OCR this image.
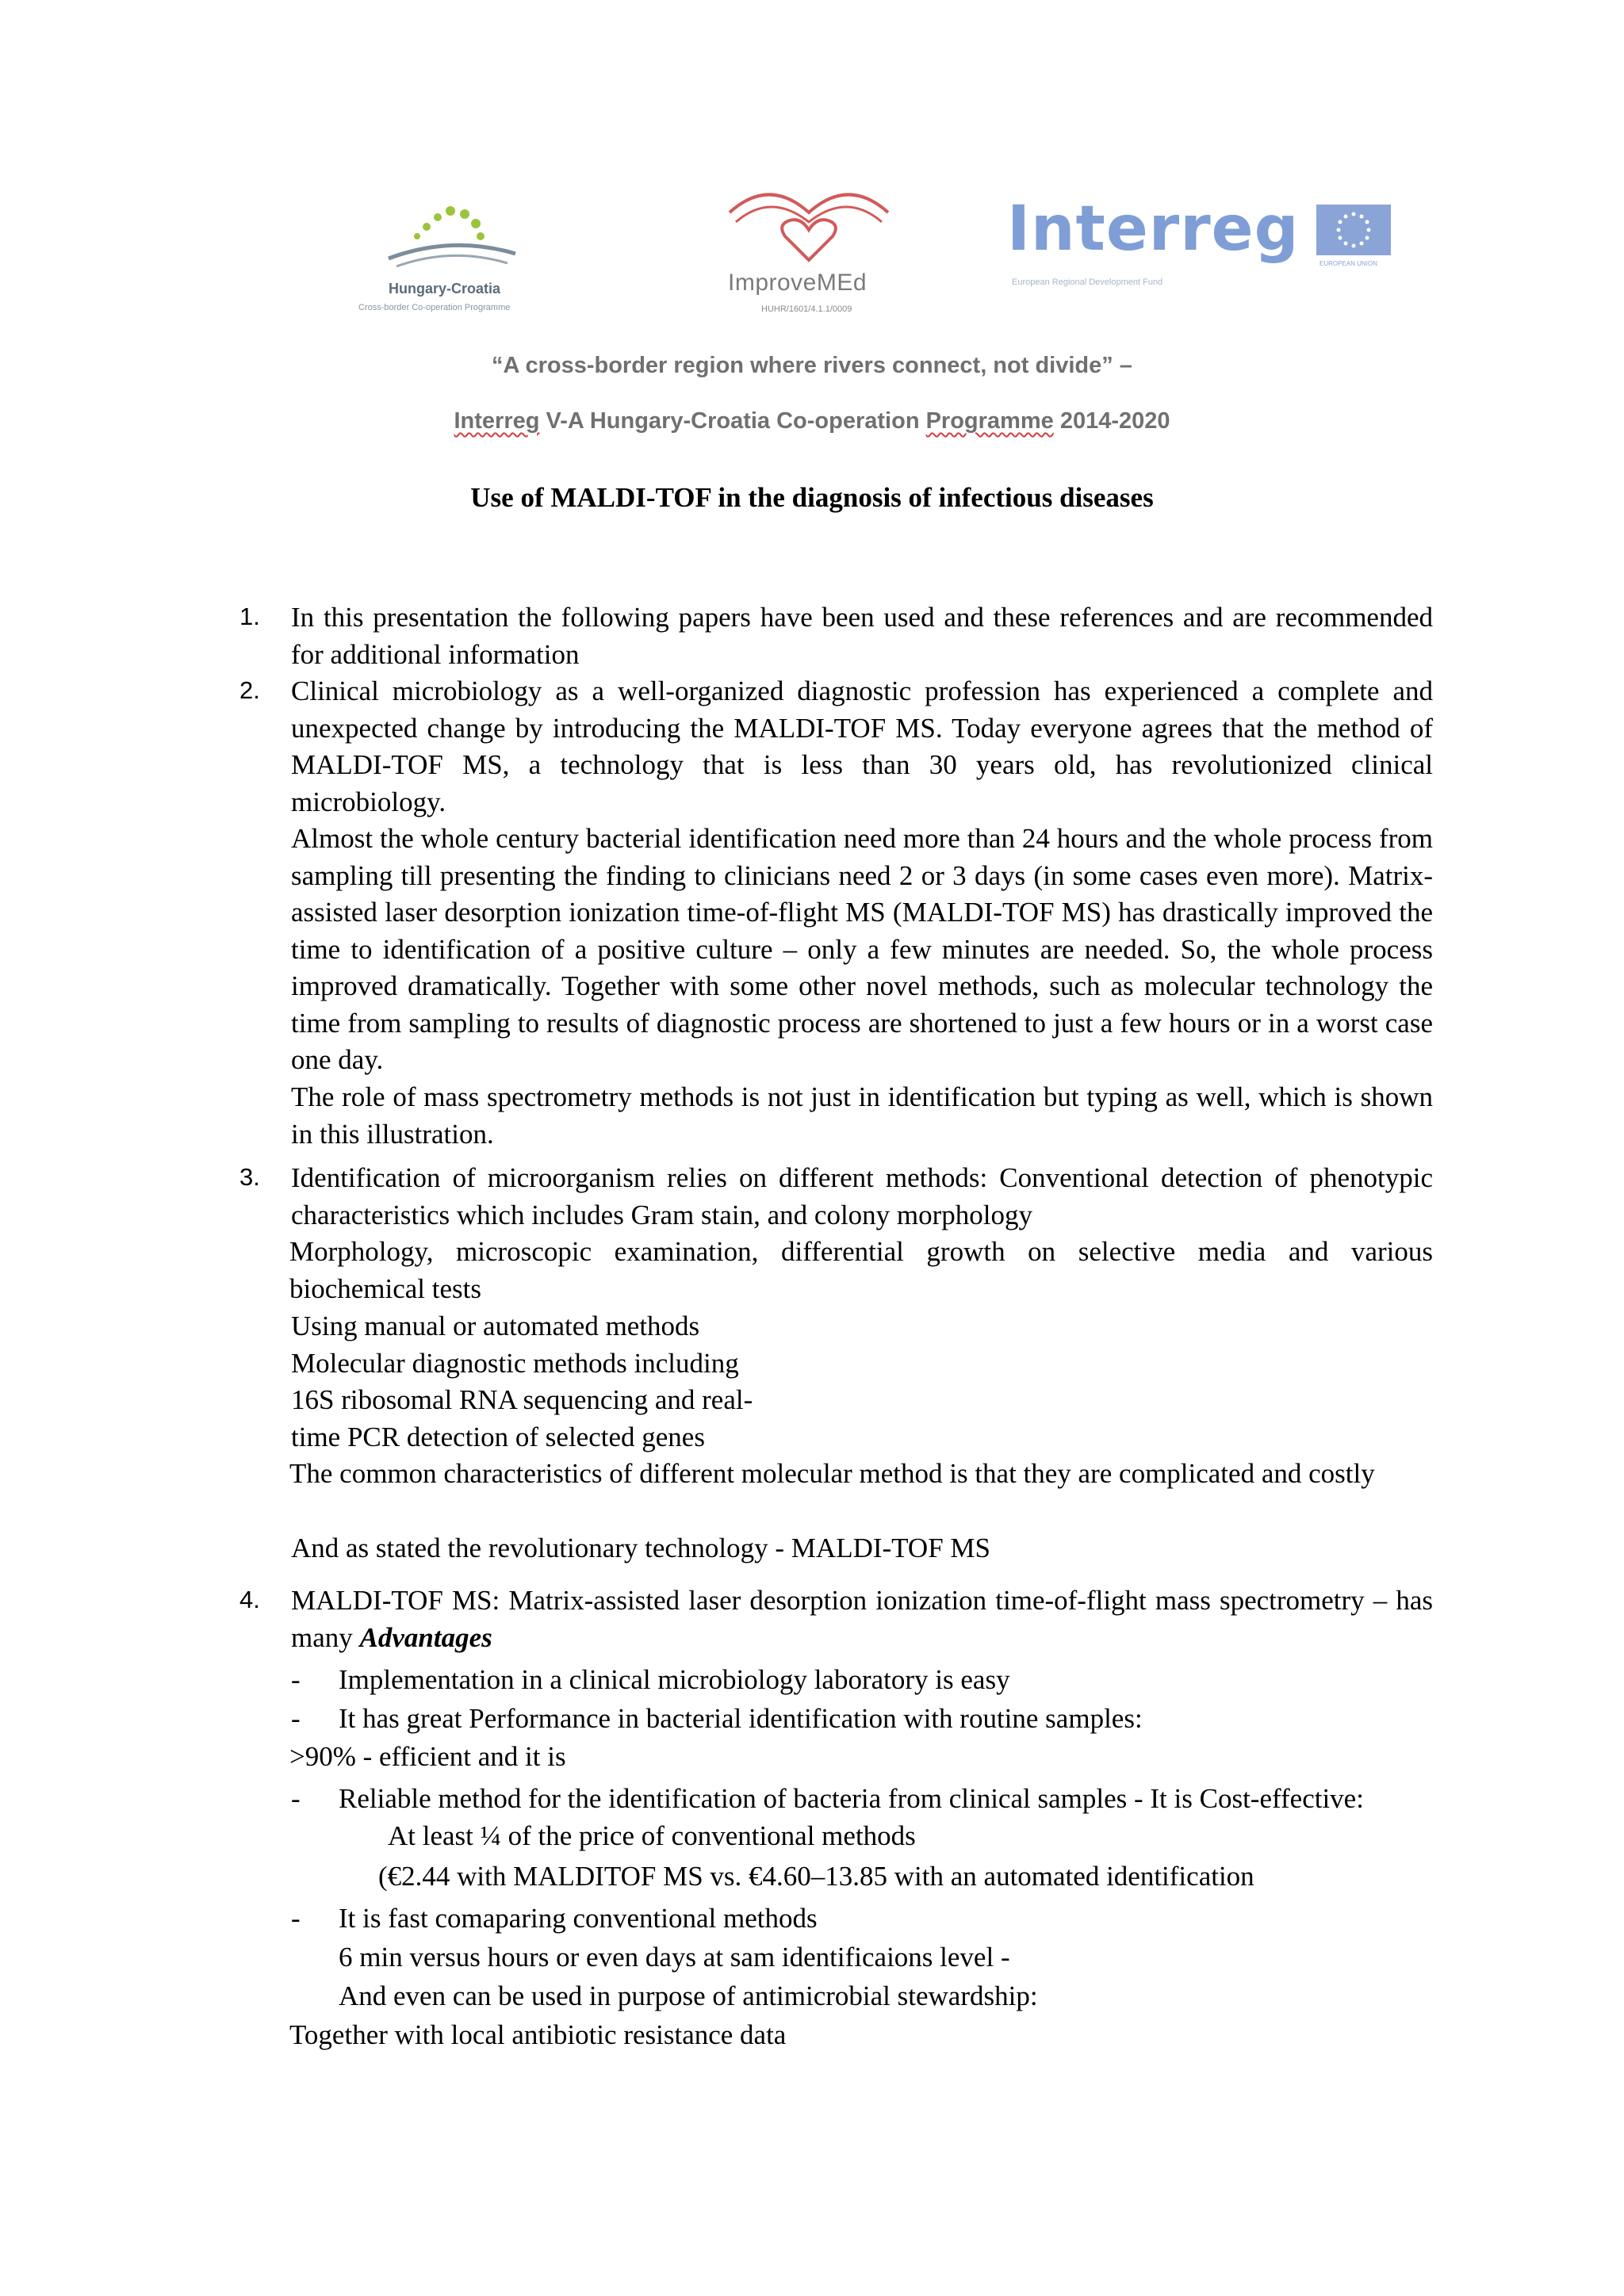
Hungary-Croatia
Cross-border Co-operation Programme
ImproveMEd
HUHR/1601/4.1.1/0009
Interreg
European Regional Development Fund
EUROPEAN UNION
“A cross-border region where rivers connect, not divide” –
Interreg V-A Hungary-Croatia Co-operation Programme 2014-2020
Use of MALDI-TOF in the diagnosis of infectious diseases
1. In this presentation the following papers have been used and these references and are recommended for additional information
2. Clinical microbiology as a well-organized diagnostic profession has experienced a complete and unexpected change by introducing the MALDI-TOF MS. Today everyone agrees that the method of MALDI-TOF MS, a technology that is less than 30 years old, has revolutionized clinical microbiology.
Almost the whole century bacterial identification need more than 24 hours and the whole process from sampling till presenting the finding to clinicians need 2 or 3 days (in some cases even more). Matrix-assisted laser desorption ionization time-of-flight MS (MALDI-TOF MS) has drastically improved the time to identification of a positive culture – only a few minutes are needed. So, the whole process improved dramatically. Together with some other novel methods, such as molecular technology the time from sampling to results of diagnostic process are shortened to just a few hours or in a worst case one day.
The role of mass spectrometry methods is not just in identification but typing as well, which is shown in this illustration.
3. Identification of microorganism relies on different methods: Conventional detection of phenotypic characteristics which includes Gram stain, and colony morphology
Morphology, microscopic examination, differential growth on selective media and various biochemical tests
Using manual or automated methods
Molecular diagnostic methods including
16S ribosomal RNA sequencing and real-
time PCR detection of selected genes
The common characteristics of different molecular method is that they are complicated and costly
And as stated the revolutionary technology - MALDI-TOF MS
4. MALDI-TOF MS: Matrix-assisted laser desorption ionization time-of-flight mass spectrometry – has many Advantages
- Implementation in a clinical microbiology laboratory is easy
- It has great Performance in bacterial identification with routine samples:
>90% - efficient and it is
- Reliable method for the identification of bacteria from clinical samples - It is Cost-effective:
At least ¼ of the price of conventional methods
(€2.44 with MALDITOF MS vs. €4.60–13.85 with an automated identification
- It is fast comaparing conventional methods
6 min versus hours or even days at sam identificaions level -
And even can be used in purpose of antimicrobial stewardship:
Together with local antibiotic resistance data
